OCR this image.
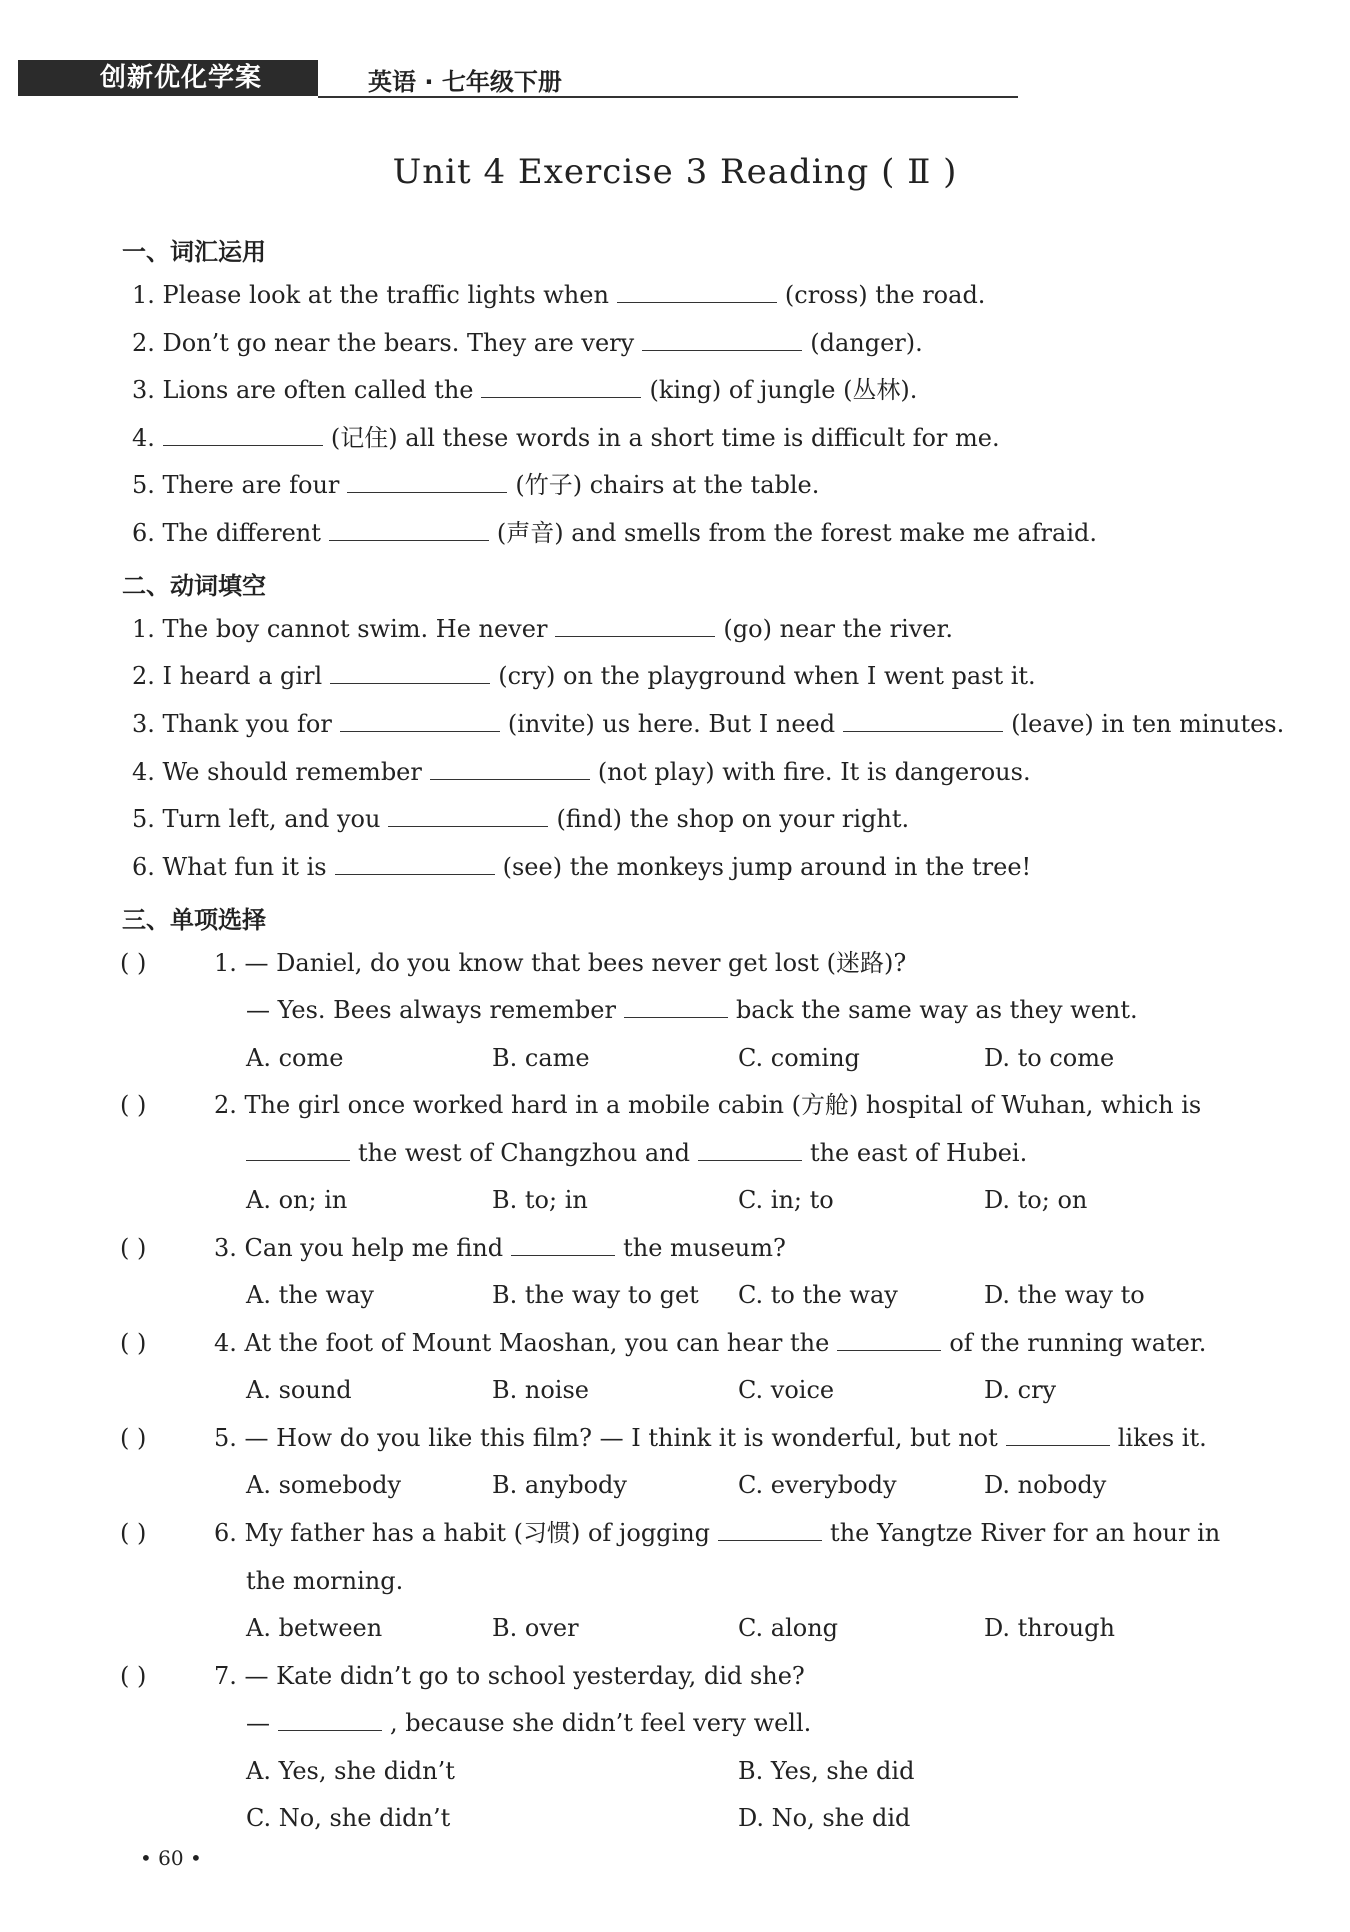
创新优化学案	英语 · 七年级下册
Unit 4 Exercise 3 Reading ( Ⅱ )
一、词汇运用
1. Please look at the traffic lights when	(cross) the road.
2. Don’t go near the bears. They are very	(danger).
3. Lions are often called the	(king) of jungle (丛林).
4.	(记住) all these words in a short time is difficult for me.
5. There are four	(竹子) chairs at the table.
6. The different	(声音) and smells from the forest make me afraid.
二、动词填空
1. The boy cannot swim. He never	(go) near the river.
2. I heard a girl	(cry) on the playground when I went past it.
3. Thank you for	(invite) us here. But I need	(leave) in ten minutes.
4. We should remember	(not play) with fire. It is dangerous.
5. Turn left, and you	(find) the shop on your right.
6. What fun it is	(see) the monkeys jump around in the tree!
三、单项选择
( )	1. — Daniel, do you know that bees never get lost (迷路)?
— Yes. Bees always remember	back the same way as they went.
A. come	B. came	C. coming	D. to come
( )	2. The girl once worked hard in a mobile cabin (方舱) hospital of Wuhan, which is
the west of Changzhou and	the east of Hubei.
A. on; in	B. to; in	C. in; to	D. to; on
( )	3. Can you help me find	the museum?
A. the way	B. the way to get C. to the way	D. the way to
( )	4. At the foot of Mount Maoshan, you can hear the	of the running water.
A. sound	B. noise	C. voice	D. cry
( )	5. — How do you like this film? — I think it is wonderful, but not	likes it.
A. somebody	B. anybody	C. everybody	D. nobody
( )	6. My father has a habit (习惯) of jogging	the Yangtze River for an hour in
the morning.
A. between	B. over	C. along	D. through
( )	7. — Kate didn’t go to school yesterday, did she?
—	, because she didn’t feel very well.
A. Yes, she didn’t	B. Yes, she did
C. No, she didn’t	D. No, she did
• 60 •
